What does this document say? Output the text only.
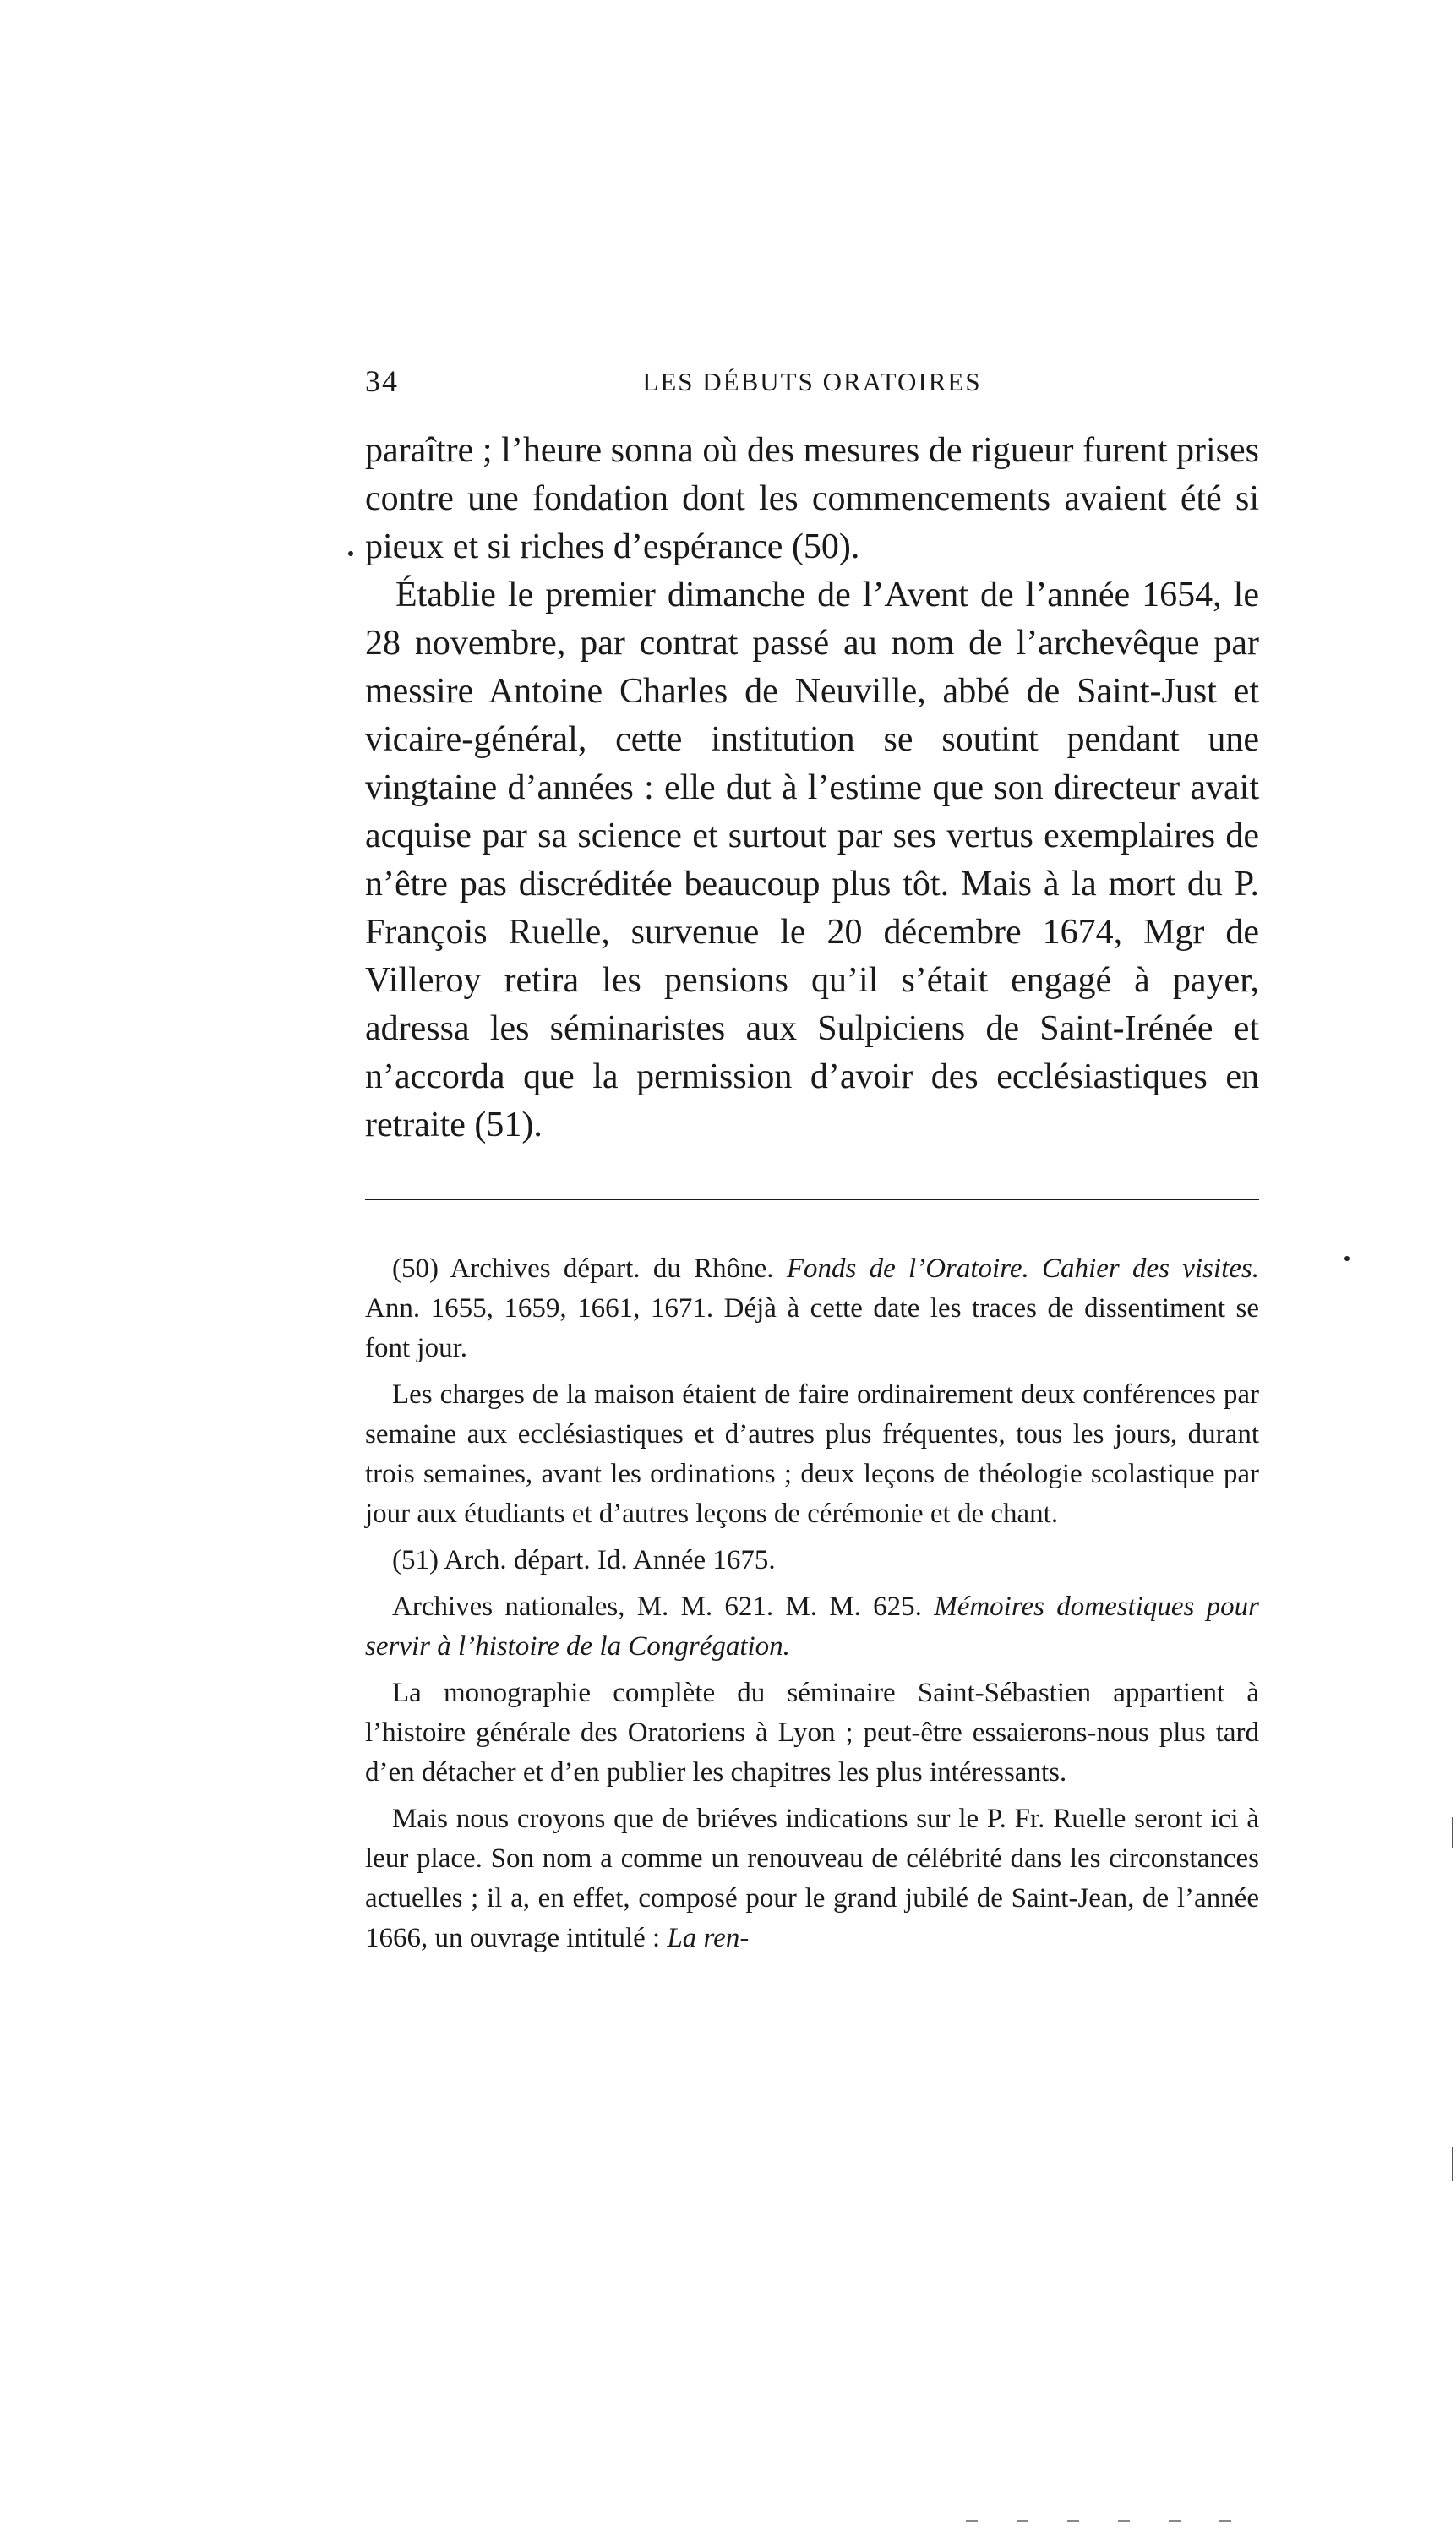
34	LES DÉBUTS ORATOIRES

paraître ; l’heure sonna où des mesures de rigueur furent prises contre une fondation dont les commencements avaient été si pieux et si riches d’espérance (50).

Établie le premier dimanche de l’Avent de l’année 1654, le 28 novembre, par contrat passé au nom de l’archevêque par messire Antoine Charles de Neuville, abbé de Saint-Just et vicaire-général, cette institution se soutint pendant une vingtaine d’années : elle dut à l’estime que son directeur avait acquise par sa science et surtout par ses vertus exemplaires de n’être pas discréditée beaucoup plus tôt. Mais à la mort du P. François Ruelle, survenue le 20 décembre 1674, Mgr de Villeroy retira les pensions qu’il s’était engagé à payer, adressa les séminaristes aux Sulpiciens de Saint-Irénée et n’accorda que la permission d’avoir des ecclésiastiques en retraite (51).

(50) Archives départ. du Rhône. Fonds de l’Oratoire. Cahier des visites. Ann. 1655, 1659, 1661, 1671. Déjà à cette date les traces de dissentiment se font jour.

Les charges de la maison étaient de faire ordinairement deux conférences par semaine aux ecclésiastiques et d’autres plus fréquentes, tous les jours, durant trois semaines, avant les ordinations ; deux leçons de théologie scolastique par jour aux étudiants et d’autres leçons de cérémonie et de chant.

(51) Arch. départ. Id. Année 1675.

Archives nationales, M. M. 621. M. M. 625. Mémoires domestiques pour servir à l’histoire de la Congrégation.

La monographie complète du séminaire Saint-Sébastien appartient à l’histoire générale des Oratoriens à Lyon ; peut-être essaierons-nous plus tard d’en détacher et d’en publier les chapitres les plus intéressants.

Mais nous croyons que de briéves indications sur le P. Fr. Ruelle seront ici à leur place. Son nom a comme un renouveau de célébrité dans les circonstances actuelles ; il a, en effet, composé pour le grand jubilé de Saint-Jean, de l’année 1666, un ouvrage intitulé : La ren-
